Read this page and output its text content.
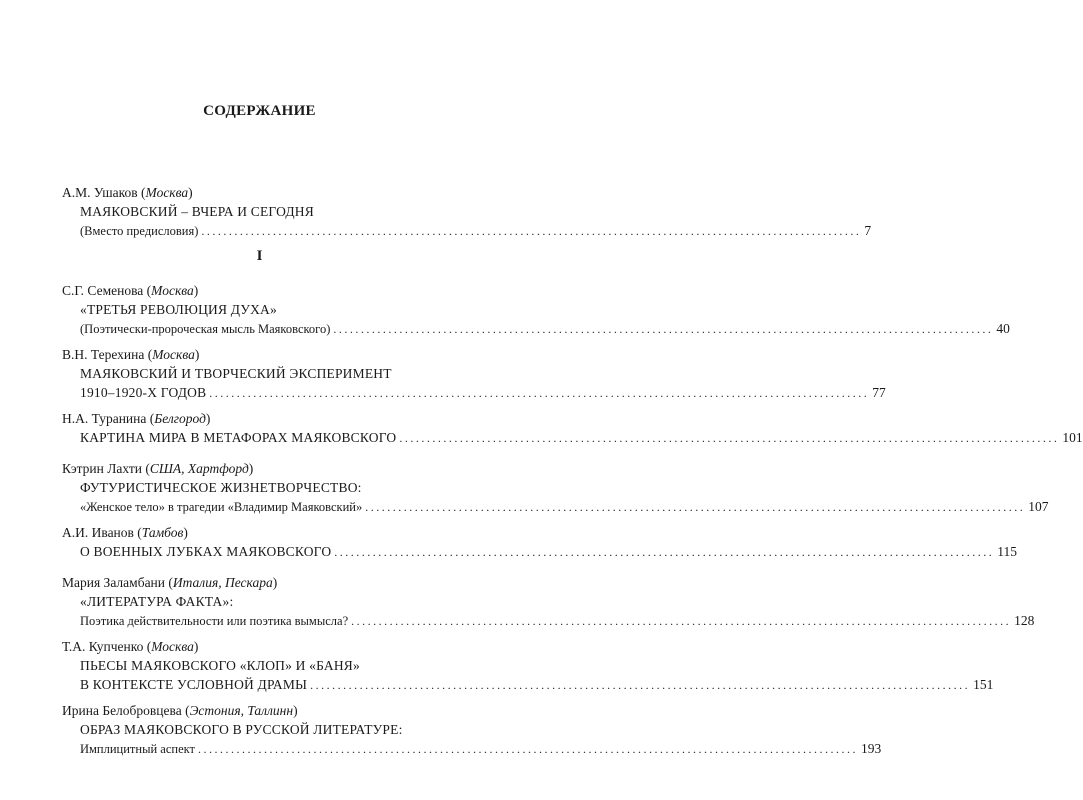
СОДЕРЖАНИЕ
А.М. Ушаков (Москва)
МАЯКОВСКИЙ – ВЧЕРА И СЕГОДНЯ
(Вместо предисловия) ........................................................................................................................ 7
I
С.Г. Семенова (Москва)
«ТРЕТЬЯ РЕВОЛЮЦИЯ ДУХА»
(Поэтически-пророческая мысль Маяковского) ........................................................................................................................ 40
В.Н. Терехина (Москва)
МАЯКОВСКИЙ И ТВОРЧЕСКИЙ ЭКСПЕРИМЕНТ
1910–1920-Х ГОДОВ ........................................................................................................................ 77
Н.А. Туранина (Белгород)
КАРТИНА МИРА В МЕТАФОРАХ МАЯКОВСКОГО ........................................................................................................................ 101
Кэтрин Лахти (США, Хартфорд)
ФУТУРИСТИЧЕСКОЕ ЖИЗНЕТВОРЧЕСТВО:
«Женское тело» в трагедии «Владимир Маяковский» ........................................................................................................................ 107
А.И. Иванов (Тамбов)
О ВОЕННЫХ ЛУБКАХ МАЯКОВСКОГО ........................................................................................................................ 115
Мария Заламбани (Италия, Пескара)
«ЛИТЕРАТУРА ФАКТА»:
Поэтика действительности или поэтика вымысла? ........................................................................................................................ 128
Т.А. Купченко (Москва)
ПЬЕСЫ МАЯКОВСКОГО «КЛОП» И «БАНЯ»
В КОНТЕКСТЕ УСЛОВНОЙ ДРАМЫ ........................................................................................................................ 151
Ирина Белобровцева (Эстония, Таллинн)
ОБРАЗ МАЯКОВСКОГО В РУССКОЙ ЛИТЕРАТУРЕ:
Имплицитный аспект ........................................................................................................................ 193
